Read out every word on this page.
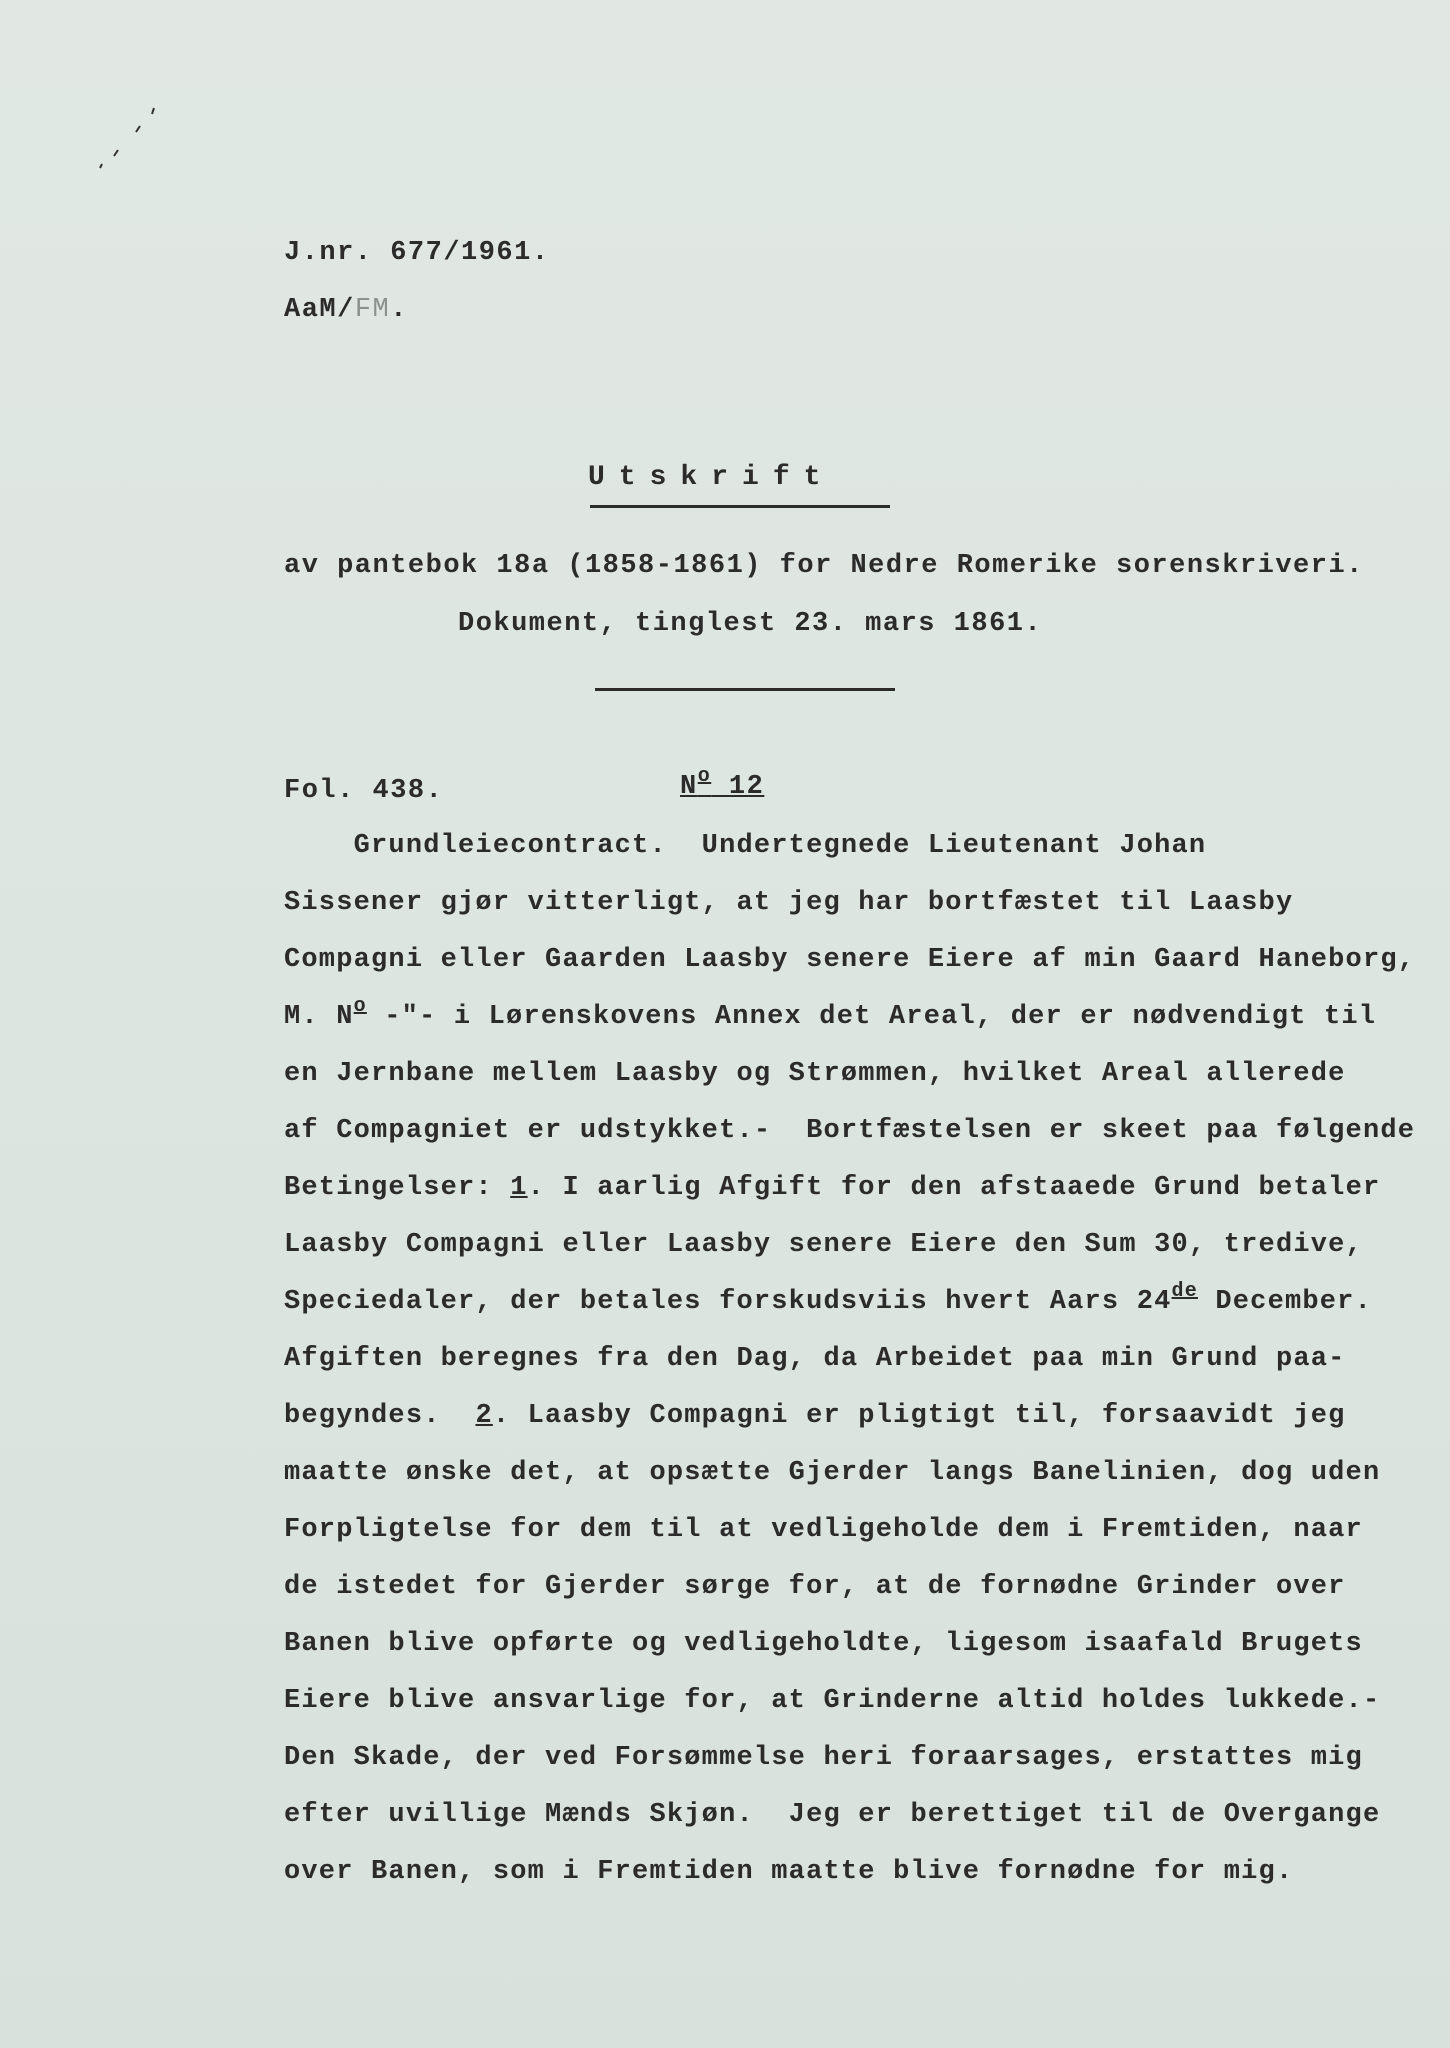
J.nr. 677/1961.
AaM/FM.
Utskrift
av pantebok 18a (1858-1861) for Nedre Romerike sorenskriveri.
Dokument, tinglest 23. mars 1861.
Fol. 438.	$N^o$ 12
Grundleiecontract.  Undertegnede Lieutenant Johan
Sissener gjør vitterligt, at jeg har bortfæstet til Laasby
Compagni eller Gaarden Laasby senere Eiere af min Gaard Haneborg,
M. $N^o$ -"- i Lørenskovens Annex det Areal, der er nødvendigt til
en Jernbane mellem Laasby og Strømmen, hvilket Areal allerede
af Compagniet er udstykket.-  Bortfæstelsen er skeet paa følgende
Betingelser: 1. I aarlig Afgift for den afstaaede Grund betaler
Laasby Compagni eller Laasby senere Eiere den Sum 30, tredive,
Speciedaler, der betales forskudsviis hvert Aars 24de December.
Afgiften beregnes fra den Dag, da Arbeidet paa min Grund paa-
begyndes.  2. Laasby Compagni er pligtigt til, forsaavidt jeg
maatte ønske det, at opsætte Gjerder langs Banelinien, dog uden
Forpligtelse for dem til at vedligeholde dem i Fremtiden, naar
de istedet for Gjerder sørge for, at de fornødne Grinder over
Banen blive opførte og vedligeholdte, ligesom isaafald Brugets
Eiere blive ansvarlige for, at Grinderne altid holdes lukkede.-
Den Skade, der ved Forsømmelse heri foraarsages, erstattes mig
efter uvillige Mænds Skjøn.  Jeg er berettiget til de Overgange
over Banen, som i Fremtiden maatte blive fornødne for mig.
